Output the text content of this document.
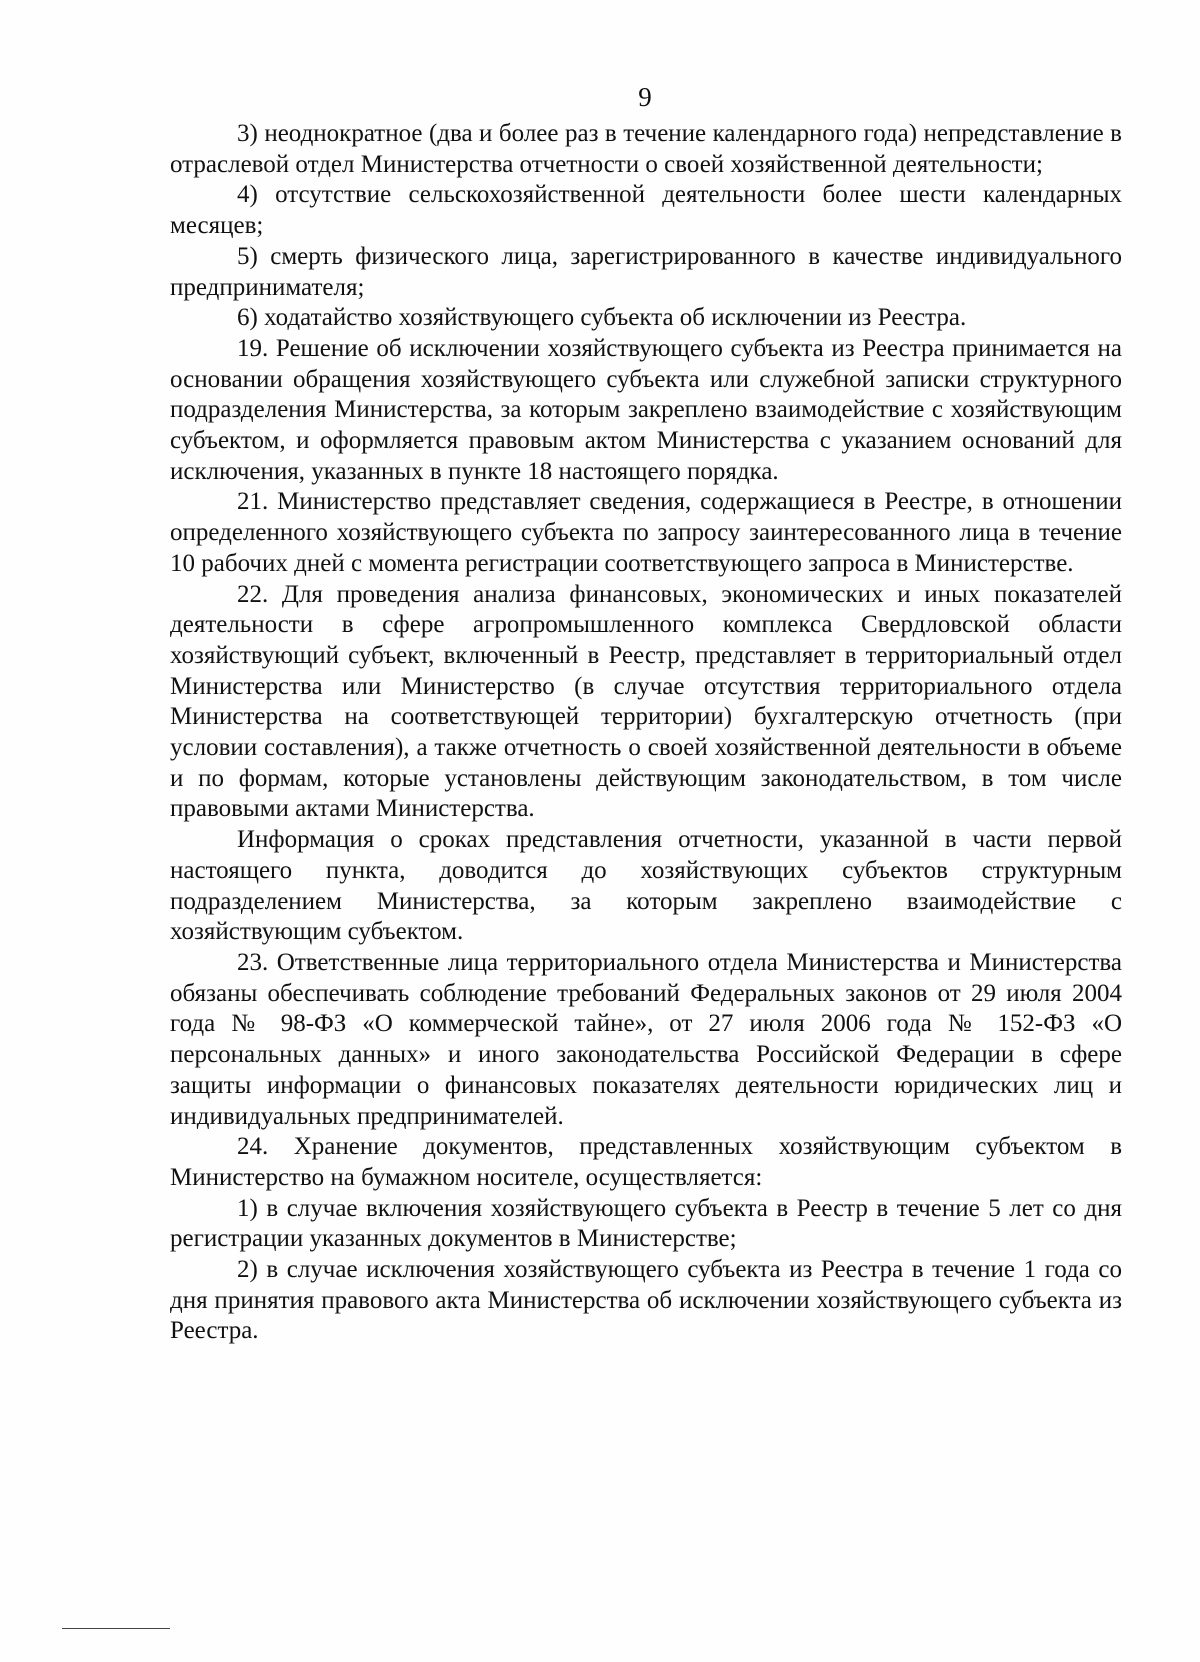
9

3) неоднократное (два и более раз в течение календарного года) непредставление в отраслевой отдел Министерства отчетности о своей хозяйственной деятельности;

4) отсутствие сельскохозяйственной деятельности более шести календарных месяцев;

5) смерть физического лица, зарегистрированного в качестве индивидуального предпринимателя;

6) ходатайство хозяйствующего субъекта об исключении из Реестра.

19. Решение об исключении хозяйствующего субъекта из Реестра принимается на основании обращения хозяйствующего субъекта или служебной записки структурного подразделения Министерства, за которым закреплено взаимодействие с хозяйствующим субъектом, и оформляется правовым актом Министерства с указанием оснований для исключения, указанных в пункте 18 настоящего порядка.

21. Министерство представляет сведения, содержащиеся в Реестре, в отношении определенного хозяйствующего субъекта по запросу заинтересованного лица в течение 10 рабочих дней с момента регистрации соответствующего запроса в Министерстве.

22. Для проведения анализа финансовых, экономических и иных показателей деятельности в сфере агропромышленного комплекса Свердловской области хозяйствующий субъект, включенный в Реестр, представляет в территориальный отдел Министерства или Министерство (в случае отсутствия территориального отдела Министерства на соответствующей территории) бухгалтерскую отчетность (при условии составления), а также отчетность о своей хозяйственной деятельности в объеме и по формам, которые установлены действующим законодательством, в том числе правовыми актами Министерства.

Информация о сроках представления отчетности, указанной в части первой настоящего пункта, доводится до хозяйствующих субъектов структурным подразделением Министерства, за которым закреплено взаимодействие с хозяйствующим субъектом.

23. Ответственные лица территориального отдела Министерства и Министерства обязаны обеспечивать соблюдение требований Федеральных законов от 29 июля 2004 года № 98-ФЗ «О коммерческой тайне», от 27 июля 2006 года № 152-ФЗ «О персональных данных» и иного законодательства Российской Федерации в сфере защиты информации о финансовых показателях деятельности юридических лиц и индивидуальных предпринимателей.

24. Хранение документов, представленных хозяйствующим субъектом в Министерство на бумажном носителе, осуществляется:

1) в случае включения хозяйствующего субъекта в Реестр в течение 5 лет со дня регистрации указанных документов в Министерстве;

2) в случае исключения хозяйствующего субъекта из Реестра в течение 1 года со дня принятия правового акта Министерства об исключении хозяйствующего субъекта из Реестра.
